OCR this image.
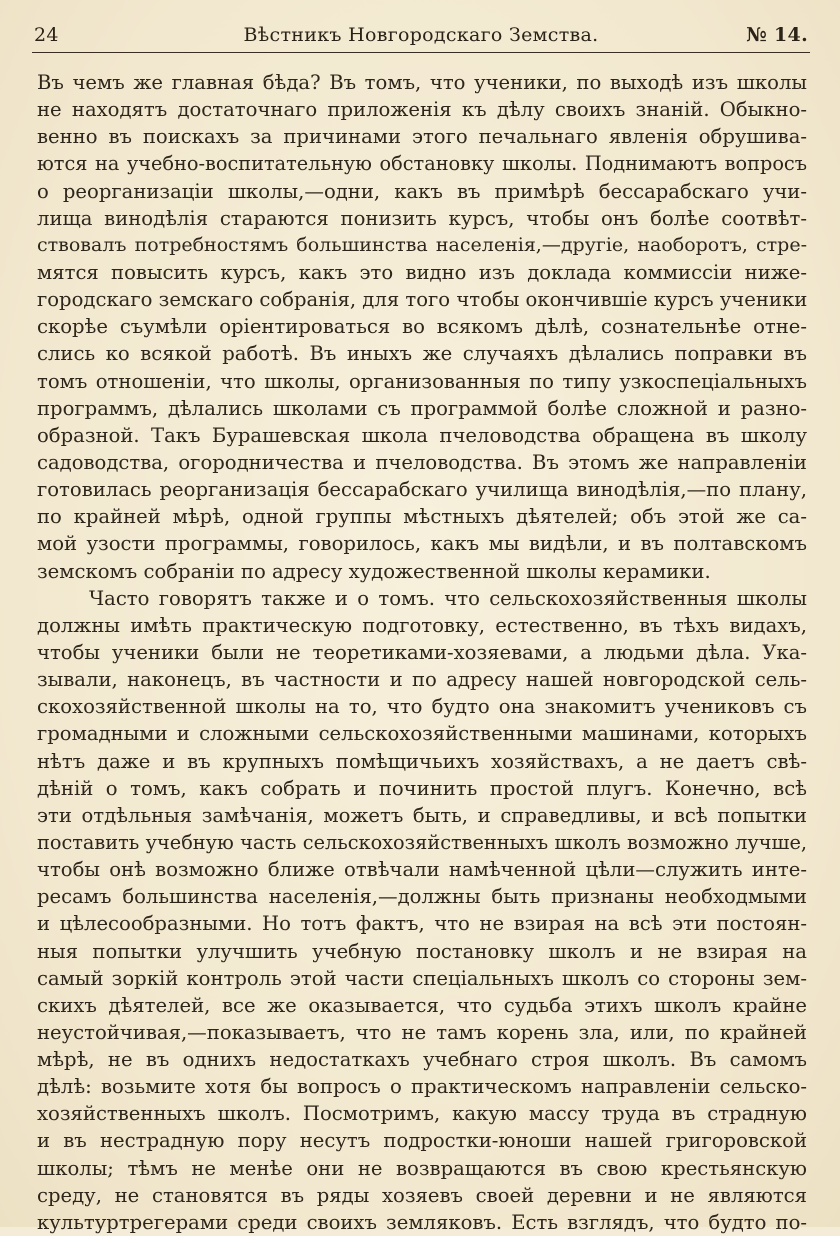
24	Вѣстникъ Новгородскаго Земства.	№ 14.
Въ чемъ же главная бѣда? Въ томъ, что ученики, по выходѣ изъ школы
не находятъ достаточнаго приложенія къ дѣлу своихъ знаній. Обыкно-
венно въ поискахъ за причинами этого печальнаго явленія обрушива-
ются на учебно-воспитательную обстановку школы. Поднимаютъ вопросъ
о реорганизаціи школы,—одни, какъ въ примѣрѣ бессарабскаго учи-
лища винодѣлія стараются понизить курсъ, чтобы онъ болѣе соотвѣт-
ствовалъ потребностямъ большинства населенія,—другіе, наоборотъ, стре-
мятся повысить курсъ, какъ это видно изъ доклада коммиссіи ниже-
городскаго земскаго собранія, для того чтобы окончившіе курсъ ученики
скорѣе съумѣли оріентироваться во всякомъ дѣлѣ, сознательнѣе отне-
слись ко всякой работѣ. Въ иныхъ же случаяхъ дѣлались поправки въ
томъ отношеніи, что школы, организованныя по типу узкоспеціальныхъ
программъ, дѣлались школами съ программой болѣе сложной и разно-
образной. Такъ Бурашевская школа пчеловодства обращена въ школу
садоводства, огородничества и пчеловодства. Въ этомъ же направленіи
готовилась реорганизація бессарабскаго училища винодѣлія,—по плану,
по крайней мѣрѣ, одной группы мѣстныхъ дѣятелей; объ этой же са-
мой узости программы, говорилось, какъ мы видѣли, и въ полтавскомъ
земскомъ собраніи по адресу художественной школы керамики.
Часто говорятъ также и о томъ. что сельскохозяйственныя школы
должны имѣть практическую подготовку, естественно, въ тѣхъ видахъ,
чтобы ученики были не теоретиками-хозяевами, а людьми дѣла. Ука-
зывали, наконецъ, въ частности и по адресу нашей новгородской сель-
скохозяйственной школы на то, что будто она знакомитъ учениковъ съ
громадными и сложными сельскохозяйственными машинами, которыхъ
нѣтъ даже и въ крупныхъ помѣщичьихъ хозяйствахъ, а не даетъ свѣ-
дѣній о томъ, какъ собрать и починить простой плугъ. Конечно, всѣ
эти отдѣльныя замѣчанія, можетъ быть, и справедливы, и всѣ попытки
поставить учебную часть сельскохозяйственныхъ школъ возможно лучше,
чтобы онѣ возможно ближе отвѣчали намѣченной цѣли—служить инте-
ресамъ большинства населенія,—должны быть признаны необходмыми
и цѣлесообразными. Но тотъ фактъ, что не взирая на всѣ эти постоян-
ныя попытки улучшить учебную постановку школъ и не взирая на
самый зоркій контроль этой части спеціальныхъ школъ со стороны зем-
скихъ дѣятелей, все же оказывается, что судьба этихъ школъ крайне
неустойчивая,—показываетъ, что не тамъ корень зла, или, по крайней
мѣрѣ, не въ однихъ недостаткахъ учебнаго строя школъ. Въ самомъ
дѣлѣ: возьмите хотя бы вопросъ о практическомъ направленіи сельско-
хозяйственныхъ школъ. Посмотримъ, какую массу труда въ страдную
и въ нестрадную пору несутъ подростки-юноши нашей григоровской
школы; тѣмъ не менѣе они не возвращаются въ свою крестьянскую
среду, не становятся въ ряды хозяевъ своей деревни и не являются
культуртрегерами среди своихъ земляковъ. Есть взглядъ, что будто по-
